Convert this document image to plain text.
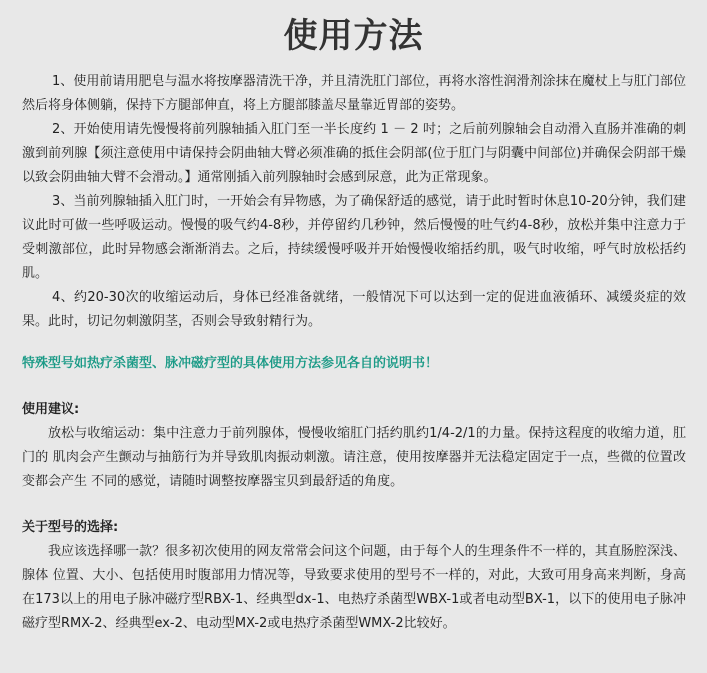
使用方法

1、使用前请用肥皂与温水将按摩器清洗干净，并且清洗肛门部位，再将水溶性润滑剂涂抹在魔杖上与肛门部位然后将身体侧躺，保持下方腿部伸直，将上方腿部膝盖尽量靠近胃部的姿势。

2、开始使用请先慢慢将前列腺轴插入肛门至一半长度约 1 － 2 吋；之后前列腺轴会自动滑入直肠并准确的刺激到前列腺【须注意使用中请保持会阴曲轴大臂必须准确的抵住会阴部(位于肛门与阴囊中间部位)并确保会阴部干燥以致会阴曲轴大臂不会滑动。】通常刚插入前列腺轴时会感到尿意，此为正常现象。

3、当前列腺轴插入肛门时，一开始会有异物感，为了确保舒适的感觉，请于此时暂时休息10-20分钟，我们建议此时可做一些呼吸运动。慢慢的吸气约4-8秒，并停留约几秒钟，然后慢慢的吐气约4-8秒，放松并集中注意力于受刺激部位，此时异物感会渐渐消去。之后，持续缓慢呼吸并开始慢慢收缩括约肌，吸气时收缩，呼气时放松括约肌。

4、约20-30次的收缩运动后，身体已经准备就绪，一般情况下可以达到一定的促进血液循环、减缓炎症的效果。此时，切记勿刺激阴茎，否则会导致射精行为。

特殊型号如热疗杀菌型、脉冲磁疗型的具体使用方法参见各自的说明书！

使用建议:

放松与收缩运动：集中注意力于前列腺体，慢慢收缩肛门括约肌约1/4-2/1的力量。保持这程度的收缩力道，肛门的 肌肉会产生颤动与抽筋行为并导致肌肉振动刺激。请注意，使用按摩器并无法稳定固定于一点，些微的位置改变都会产生 不同的感觉，请随时调整按摩器宝贝到最舒适的角度。

关于型号的选择:

我应该选择哪一款？很多初次使用的网友常常会问这个问题，由于每个人的生理条件不一样的，其直肠腔深浅、腺体 位置、大小、包括使用时腹部用力情况等，导致要求使用的型号不一样的，对此，大致可用身高来判断，身高在173以上的用电子脉冲磁疗型RBX-1、经典型dx-1、电热疗杀菌型WBX-1或者电动型BX-1，以下的使用电子脉冲磁疗型RMX-2、经典型ex-2、电动型MX-2或电热疗杀菌型WMX-2比较好。
